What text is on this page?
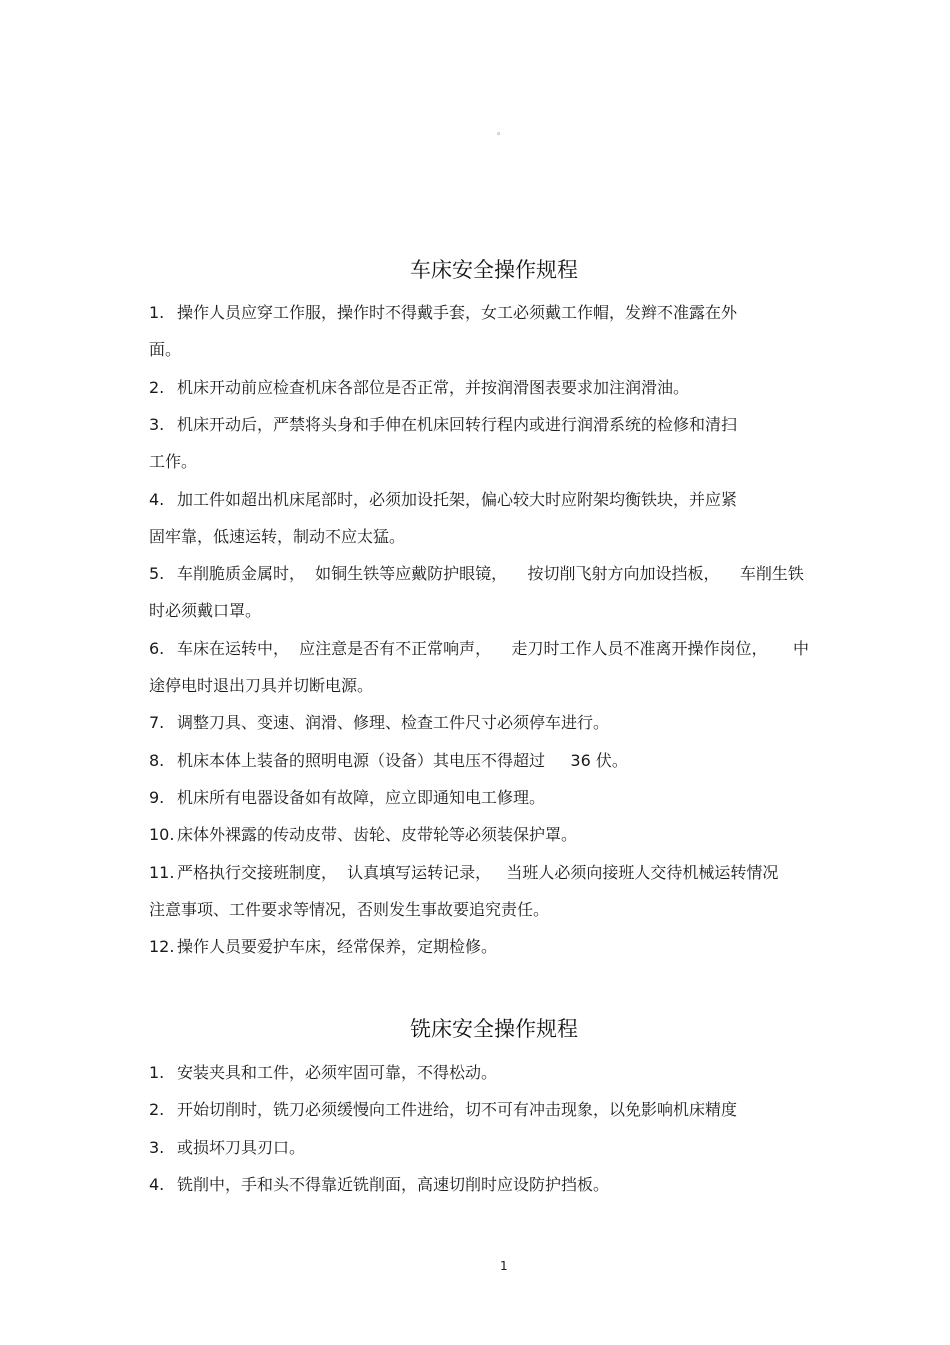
。
车床安全操作规程
1. 操作人员应穿工作服，操作时不得戴手套，女工必须戴工作帽，发辫不准露在外
面。
2. 机床开动前应检查机床各部位是否正常，并按润滑图表要求加注润滑油。
3. 机床开动后，严禁将头身和手伸在机床回转行程内或进行润滑系统的检修和清扫
工作。
4. 加工件如超出机床尾部时，必须加设托架，偏心较大时应附架均衡铁块，并应紧
固牢靠，低速运转，制动不应太猛。
5. 车削脆质金属时，  如铜生铁等应戴防护眼镜，    按切削飞射方向加设挡板，    车削生铁
时必须戴口罩。
6. 车床在运转中，  应注意是否有不正常响声，    走刀时工作人员不准离开操作岗位，     中
途停电时退出刀具并切断电源。
7. 调整刀具、变速、润滑、修理、检查工件尺寸必须停车进行。
8. 机床本体上装备的照明电源（设备）其电压不得超过     36 伏。
9. 机床所有电器设备如有故障，应立即通知电工修理。
10. 床体外裸露的传动皮带、齿轮、皮带轮等必须装保护罩。
11. 严格执行交接班制度，  认真填写运转记录，   当班人必须向接班人交待机械运转情况
注意事项、工件要求等情况，否则发生事故要追究责任。
12. 操作人员要爱护车床，经常保养，定期检修。
铣床安全操作规程
1. 安装夹具和工件，必须牢固可靠，不得松动。
2. 开始切削时，铣刀必须缓慢向工件进给，切不可有冲击现象，以免影响机床精度
3. 或损坏刀具刃口。
4. 铣削中，手和头不得靠近铣削面，高速切削时应设防护挡板。
1
